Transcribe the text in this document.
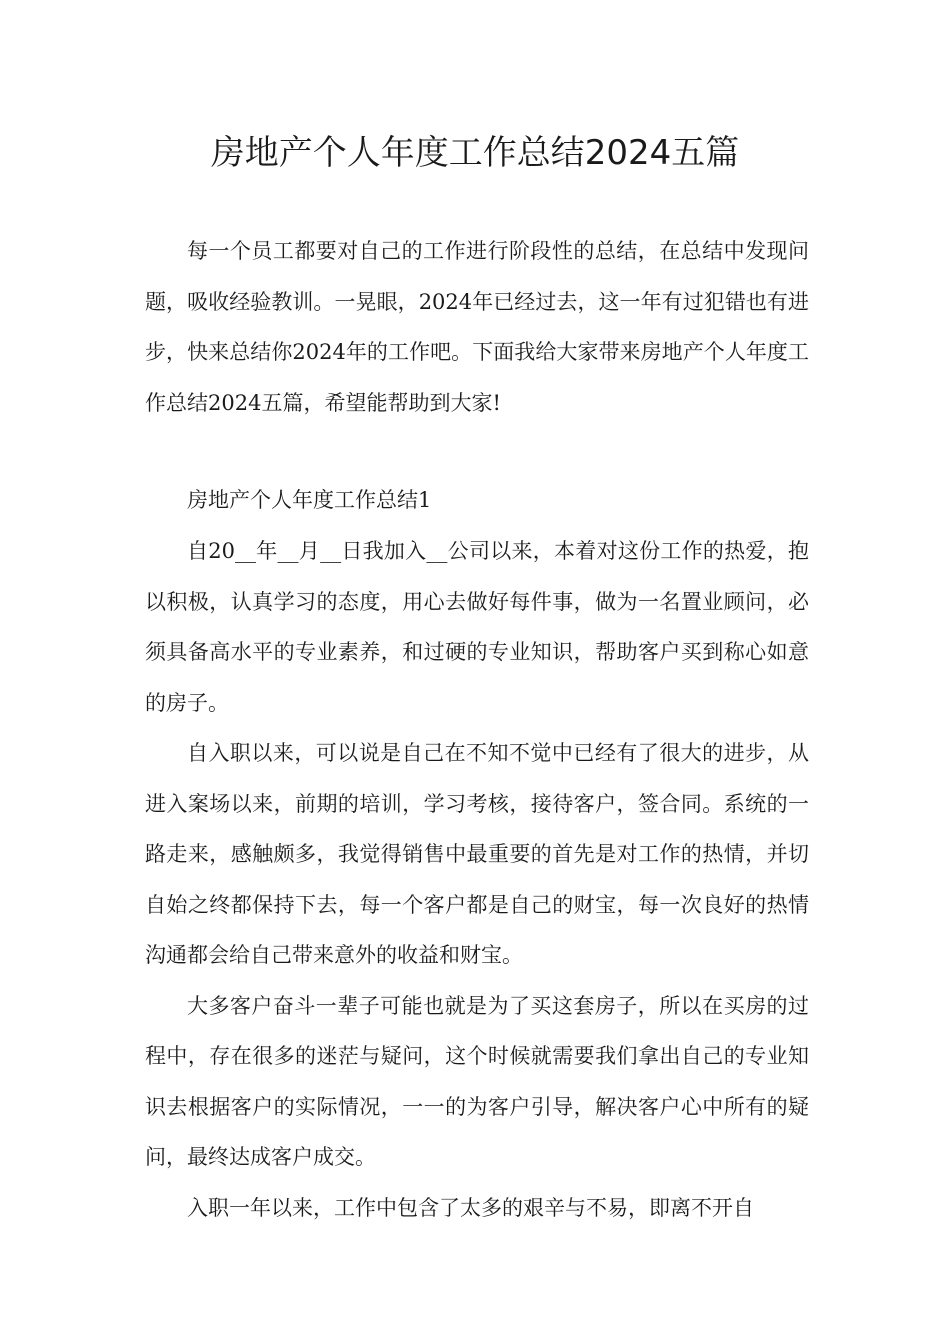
房地产个人年度工作总结2024五篇

每一个员工都要对自己的工作进行阶段性的总结，在总结中发现问题，吸收经验教训。一晃眼，2024年已经过去，这一年有过犯错也有进步，快来总结你2024年的工作吧。下面我给大家带来房地产个人年度工作总结2024五篇，希望能帮助到大家!

房地产个人年度工作总结1

自20__年__月__日我加入__公司以来，本着对这份工作的热爱，抱以积极，认真学习的态度，用心去做好每件事，做为一名置业顾问，必须具备高水平的专业素养，和过硬的专业知识，帮助客户买到称心如意的房子。

自入职以来，可以说是自己在不知不觉中已经有了很大的进步，从进入案场以来，前期的培训，学习考核，接待客户，签合同。系统的一路走来，感触颇多，我觉得销售中最重要的首先是对工作的热情，并切自始之终都保持下去，每一个客户都是自己的财宝，每一次良好的热情沟通都会给自己带来意外的收益和财宝。

大多客户奋斗一辈子可能也就是为了买这套房子，所以在买房的过程中，存在很多的迷茫与疑问，这个时候就需要我们拿出自己的专业知识去根据客户的实际情况，一一的为客户引导，解决客户心中所有的疑问，最终达成客户成交。

入职一年以来，工作中包含了太多的艰辛与不易，即离不开自
